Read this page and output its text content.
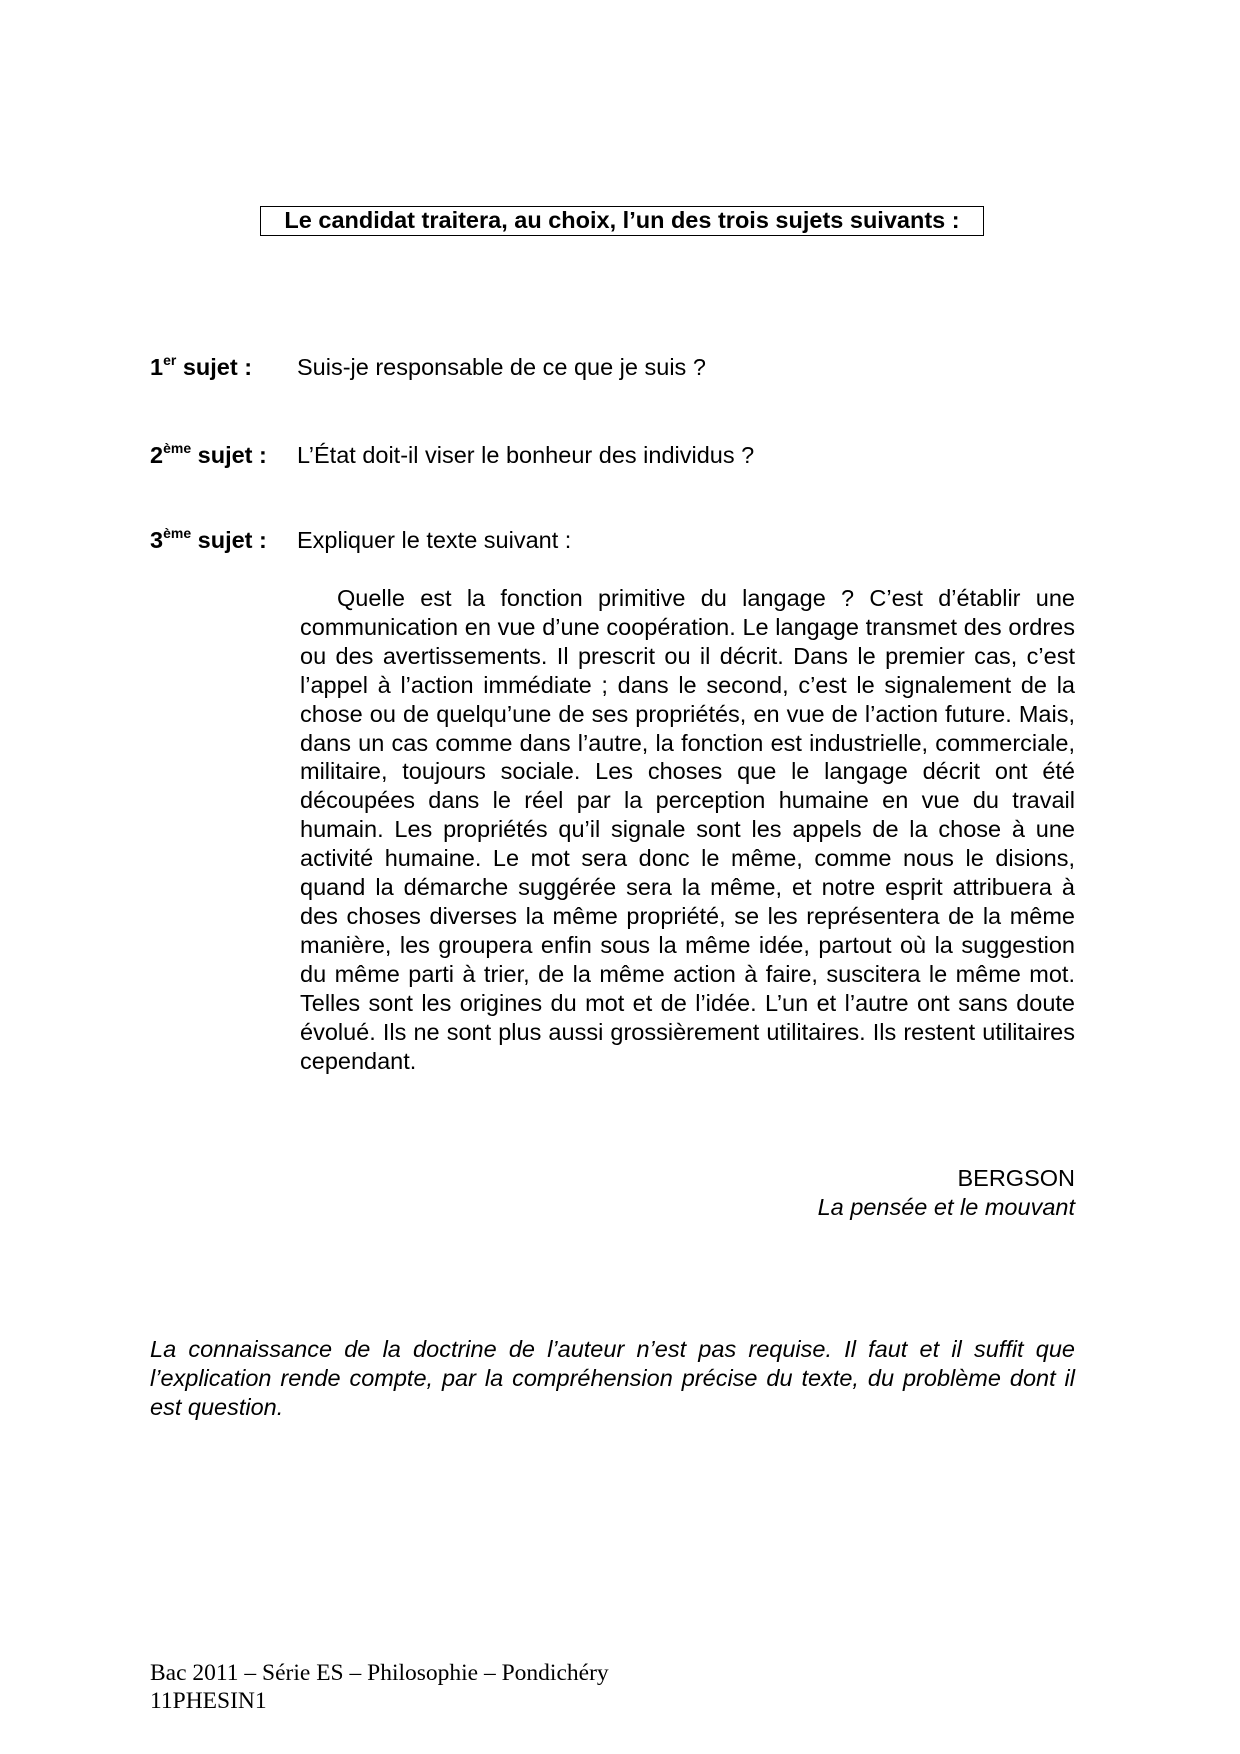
Le candidat traitera, au choix, l’un des trois sujets suivants :
1er sujet :	Suis-je responsable de ce que je suis ?
2ème sujet :	L’État doit-il viser le bonheur des individus ?
3ème sujet :	Expliquer le texte suivant :

Quelle est la fonction primitive du langage ? C’est d’établir une communication en vue d’une coopération. Le langage transmet des ordres ou des avertissements. Il prescrit ou il décrit. Dans le premier cas, c’est l’appel à l’action immédiate ; dans le second, c’est le signalement de la chose ou de quelqu’une de ses propriétés, en vue de l’action future. Mais, dans un cas comme dans l’autre, la fonction est industrielle, commerciale, militaire, toujours sociale. Les choses que le langage décrit ont été découpées dans le réel par la perception humaine en vue du travail humain. Les propriétés qu’il signale sont les appels de la chose à une activité humaine. Le mot sera donc le même, comme nous le disions, quand la démarche suggérée sera la même, et notre esprit attribuera à des choses diverses la même propriété, se les représentera de la même manière, les groupera enfin sous la même idée, partout où la suggestion du même parti à trier, de la même action à faire, suscitera le même mot. Telles sont les origines du mot et de l’idée. L’un et l’autre ont sans doute évolué. Ils ne sont plus aussi grossièrement utilitaires. Ils restent utilitaires cependant.

BERGSON
La pensée et le mouvant

La connaissance de la doctrine de l’auteur n’est pas requise. Il faut et il suffit que l’explication rende compte, par la compréhension précise du texte, du problème dont il est question.

Bac 2011 – Série ES – Philosophie – Pondichéry
11PHESIN1
